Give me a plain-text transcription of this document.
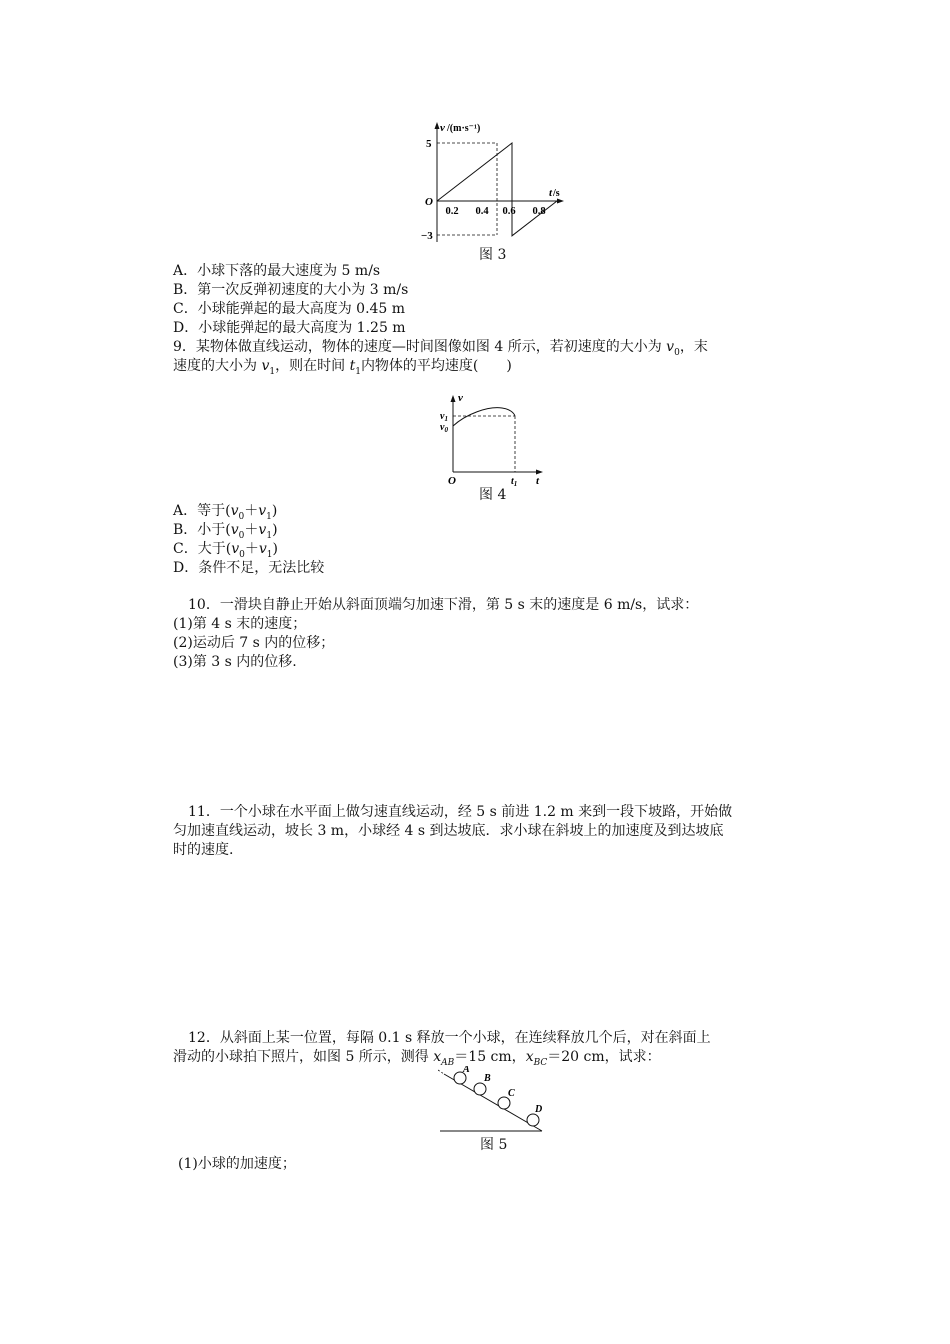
v /(m·s⁻¹)
5
−3
O
t /s
0.2 0.4 0.6 0.8
图 3
A．小球下落的最大速度为 5 m/s
B．第一次反弹初速度的大小为 3 m/s
C．小球能弹起的最大高度为 0.45 m
D．小球能弹起的最大高度为 1.25 m
9．某物体做直线运动，物体的速度—时间图像如图 4 所示，若初速度的大小为 $v_0$，末
速度的大小为 $v_1$，则在时间 $t_1$内物体的平均速度(　　)
v
$v_1$
$v_0$
O	$t_1$ t
图 4
A．等于$(v_0+v_1)$
B．小于$(v_0+v_1)$
C．大于$(v_0+v_1)$
D．条件不足，无法比较
10．一滑块自静止开始从斜面顶端匀加速下滑，第 5 s 末的速度是 6 m/s，试求：
(1)第 4 s 末的速度；
(2)运动后 7 s 内的位移；
(3)第 3 s 内的位移.
11．一个小球在水平面上做匀速直线运动，经 5 s 前进 1.2 m 来到一段下坡路，开始做
匀加速直线运动，坡长 3 m，小球经 4 s 到达坡底．求小球在斜坡上的加速度及到达坡底
时的速度.
12．从斜面上某一位置，每隔 0.1 s 释放一个小球，在连续释放几个后，对在斜面上
滑动的小球拍下照片，如图 5 所示，测得 $x_{AB}=15$ cm，$x_{BC}=20$ cm，试求：
A
B
C
D
图 5
(1)小球的加速度；
